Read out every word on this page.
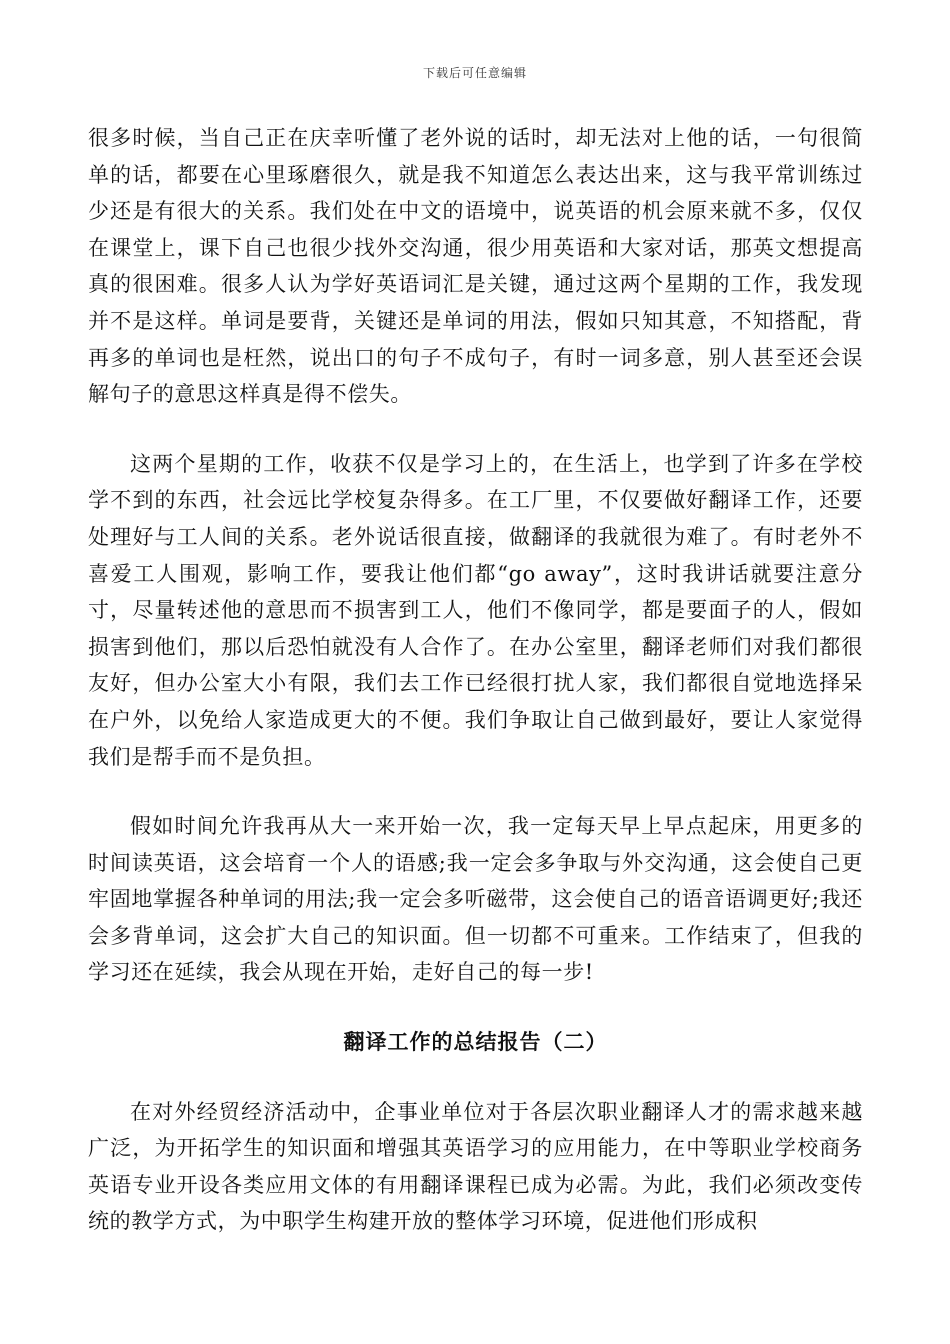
下载后可任意编辑

很多时候，当自己正在庆幸听懂了老外说的话时，却无法对上他的话，一句很简单的话，都要在心里琢磨很久，就是我不知道怎么表达出来，这与我平常训练过少还是有很大的关系。我们处在中文的语境中，说英语的机会原来就不多，仅仅在课堂上，课下自己也很少找外交沟通，很少用英语和大家对话，那英文想提高真的很困难。很多人认为学好英语词汇是关键，通过这两个星期的工作，我发现并不是这样。单词是要背，关键还是单词的用法，假如只知其意，不知搭配，背再多的单词也是枉然，说出口的句子不成句子，有时一词多意，别人甚至还会误解句子的意思这样真是得不偿失。

这两个星期的工作，收获不仅是学习上的，在生活上，也学到了许多在学校学不到的东西，社会远比学校复杂得多。在工厂里，不仅要做好翻译工作，还要处理好与工人间的关系。老外说话很直接，做翻译的我就很为难了。有时老外不喜爱工人围观，影响工作，要我让他们都“go away”，这时我讲话就要注意分寸，尽量转述他的意思而不损害到工人，他们不像同学，都是要面子的人，假如损害到他们，那以后恐怕就没有人合作了。在办公室里，翻译老师们对我们都很友好，但办公室大小有限，我们去工作已经很打扰人家，我们都很自觉地选择呆在户外，以免给人家造成更大的不便。我们争取让自己做到最好，要让人家觉得我们是帮手而不是负担。

假如时间允许我再从大一来开始一次，我一定每天早上早点起床，用更多的时间读英语，这会培育一个人的语感;我一定会多争取与外交沟通，这会使自己更牢固地掌握各种单词的用法;我一定会多听磁带，这会使自己的语音语调更好;我还会多背单词，这会扩大自己的知识面。但一切都不可重来。工作结束了，但我的学习还在延续，我会从现在开始，走好自己的每一步!

翻译工作的总结报告（二）

在对外经贸经济活动中，企事业单位对于各层次职业翻译人才的需求越来越广泛，为开拓学生的知识面和增强其英语学习的应用能力，在中等职业学校商务英语专业开设各类应用文体的有用翻译课程已成为必需。为此，我们必须改变传统的教学方式，为中职学生构建开放的整体学习环境，促进他们形成积
